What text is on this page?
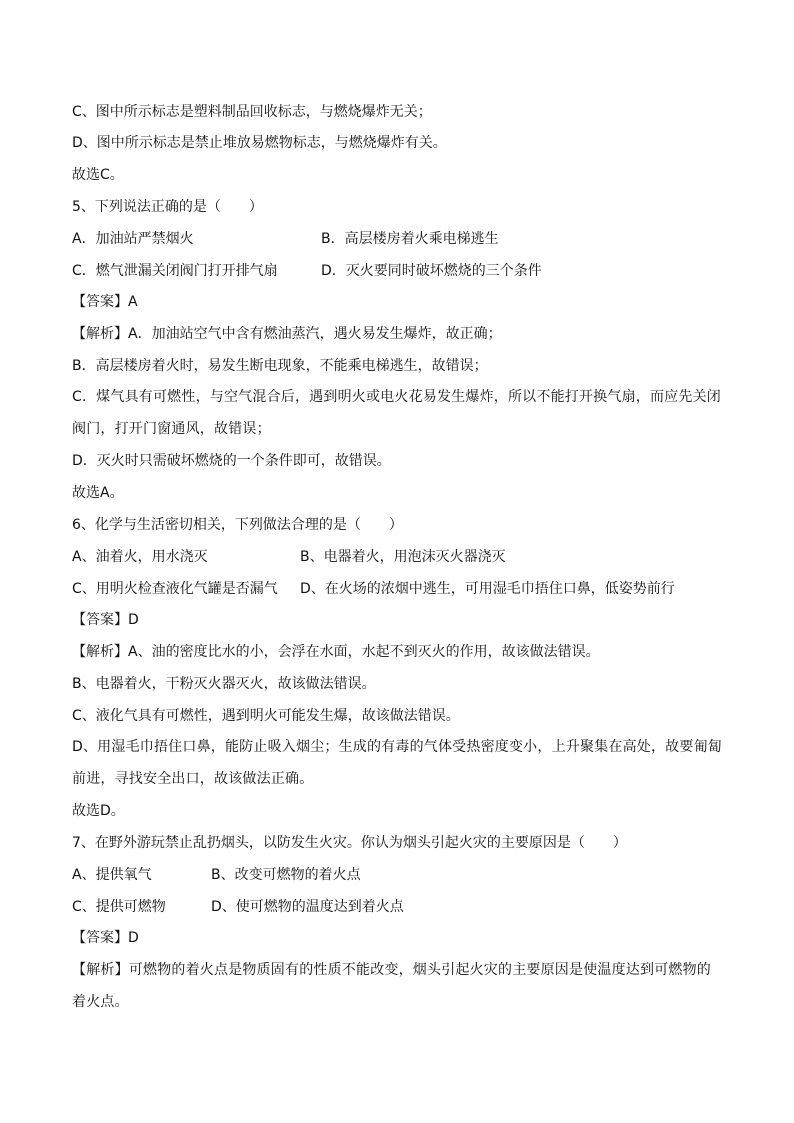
C、图中所示标志是塑料制品回收标志，与燃烧爆炸无关；
D、图中所示标志是禁止堆放易燃物标志，与燃烧爆炸有关。
故选C。
5、下列说法正确的是（　　）
A．加油站严禁烟火	B．高层楼房着火乘电梯逃生
C．燃气泄漏关闭阀门打开排气扇	D．灭火要同时破坏燃烧的三个条件
【答案】A
【解析】A．加油站空气中含有燃油蒸汽，遇火易发生爆炸，故正确；
B．高层楼房着火时，易发生断电现象，不能乘电梯逃生，故错误；
C．煤气具有可燃性，与空气混合后，遇到明火或电火花易发生爆炸，所以不能打开换气扇，而应先关闭阀门，打开门窗通风，故错误；
D．灭火时只需破坏燃烧的一个条件即可，故错误。
故选A。
6、化学与生活密切相关，下列做法合理的是（　　）
A、油着火，用水浇灭	B、电器着火，用泡沫灭火器浇灭
C、用明火检查液化气罐是否漏气 D、在火场的浓烟中逃生，可用湿毛巾捂住口鼻，低姿势前行
【答案】D
【解析】A、油的密度比水的小，会浮在水面，水起不到灭火的作用，故该做法错误。
B、电器着火，干粉灭火器灭火，故该做法错误。
C、液化气具有可燃性，遇到明火可能发生爆，故该做法错误。
D、用湿毛巾捂住口鼻，能防止吸入烟尘；生成的有毒的气体受热密度变小，上升聚集在高处，故要匍匐前进，寻找安全出口，故该做法正确。
故选D。
7、在野外游玩禁止乱扔烟头，以防发生火灾。你认为烟头引起火灾的主要原因是（　　）
A、提供氧气	B、改变可燃物的着火点
C、提供可燃物	D、使可燃物的温度达到着火点
【答案】D
【解析】可燃物的着火点是物质固有的性质不能改变，烟头引起火灾的主要原因是使温度达到可燃物的着火点。
